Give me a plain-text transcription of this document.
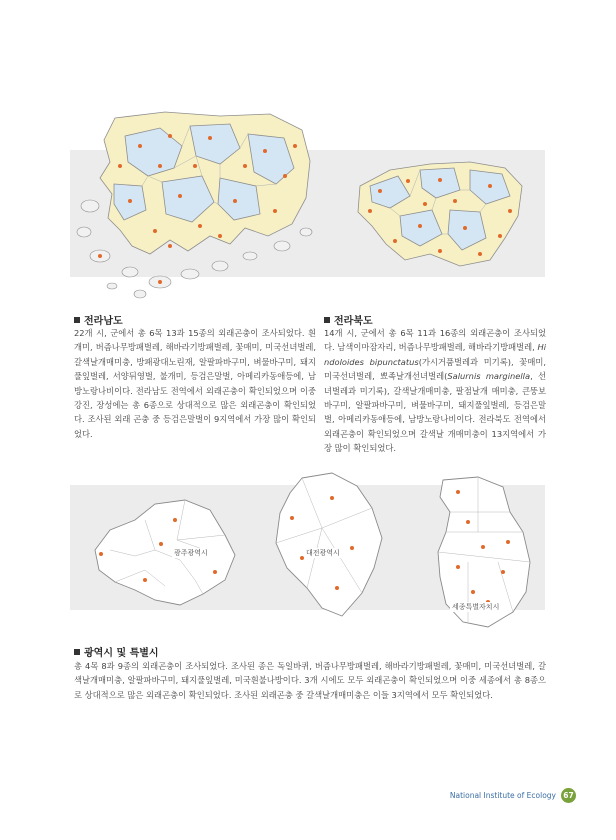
전라남도

22개 시, 군에서 총 6목 13과 15종의 외래곤충이 조사되었다. 흰개미, 버즘나무방패벌레, 해바라기방패벌레, 꽃매미, 미국선녀벌레, 갈색날개매미충, 방패광대노린재, 알팔파바구미, 벼물바구미, 돼지풀잎벌레, 서양뒤영벌, 불개미, 등검은말벌, 아메리카동애등에, 남방노랑나비이다. 전라남도 전역에서 외래곤충이 확인되었으며 이중 강진, 장성에는 총 6종으로 상대적으로 많은 외래곤충이 확인되었다. 조사된 외래 곤충 중 등검은말벌이 9지역에서 가장 많이 확인되었다.

전라북도

14개 시, 군에서 총 6목 11과 16종의 외래곤충이 조사되었다. 남색이마잠자리, 버즘나무방패벌레, 해바라기방패벌레, Hindoloides bipunctatus(가시거품벌레과 미기록), 꽃매미, 미국선녀벌레, 뾰족날개선녀벌레(Salurnis marginella, 선녀벌레과 미기록), 갈색날개매미충, 팔점날개 매미충, 큰뚱보바구미, 알팔파바구미, 벼물바구미, 돼지풀잎벌레, 등검은말벌, 아메리카동애등에, 남방노랑나비이다. 전라북도 전역에서 외래곤충이 확인되었으며 갈색날 개매미충이 13지역에서 가장 많이 확인되었다.

광주광역시	대전광역시
세종특별자치시
광역시 및 특별시

총 4목 8과 9종의 외래곤충이 조사되었다. 조사된 종은 독일바퀴, 버즘나무방패벌레, 해바라기방패벌레, 꽃매미, 미국선녀벌레, 갈색날개매미충, 알팔파바구미, 돼지풀잎벌레, 미국흰불나방이다. 3개 시에도 모두 외래곤충이 확인되었으며 이중 세종에서 총 8종으로 상대적으로 많은 외래곤충이 확인되었다. 조사된 외래곤충 중 갈색날개매미충은 이들 3지역에서 모두 확인되었다.

National Institute of Ecology 67
